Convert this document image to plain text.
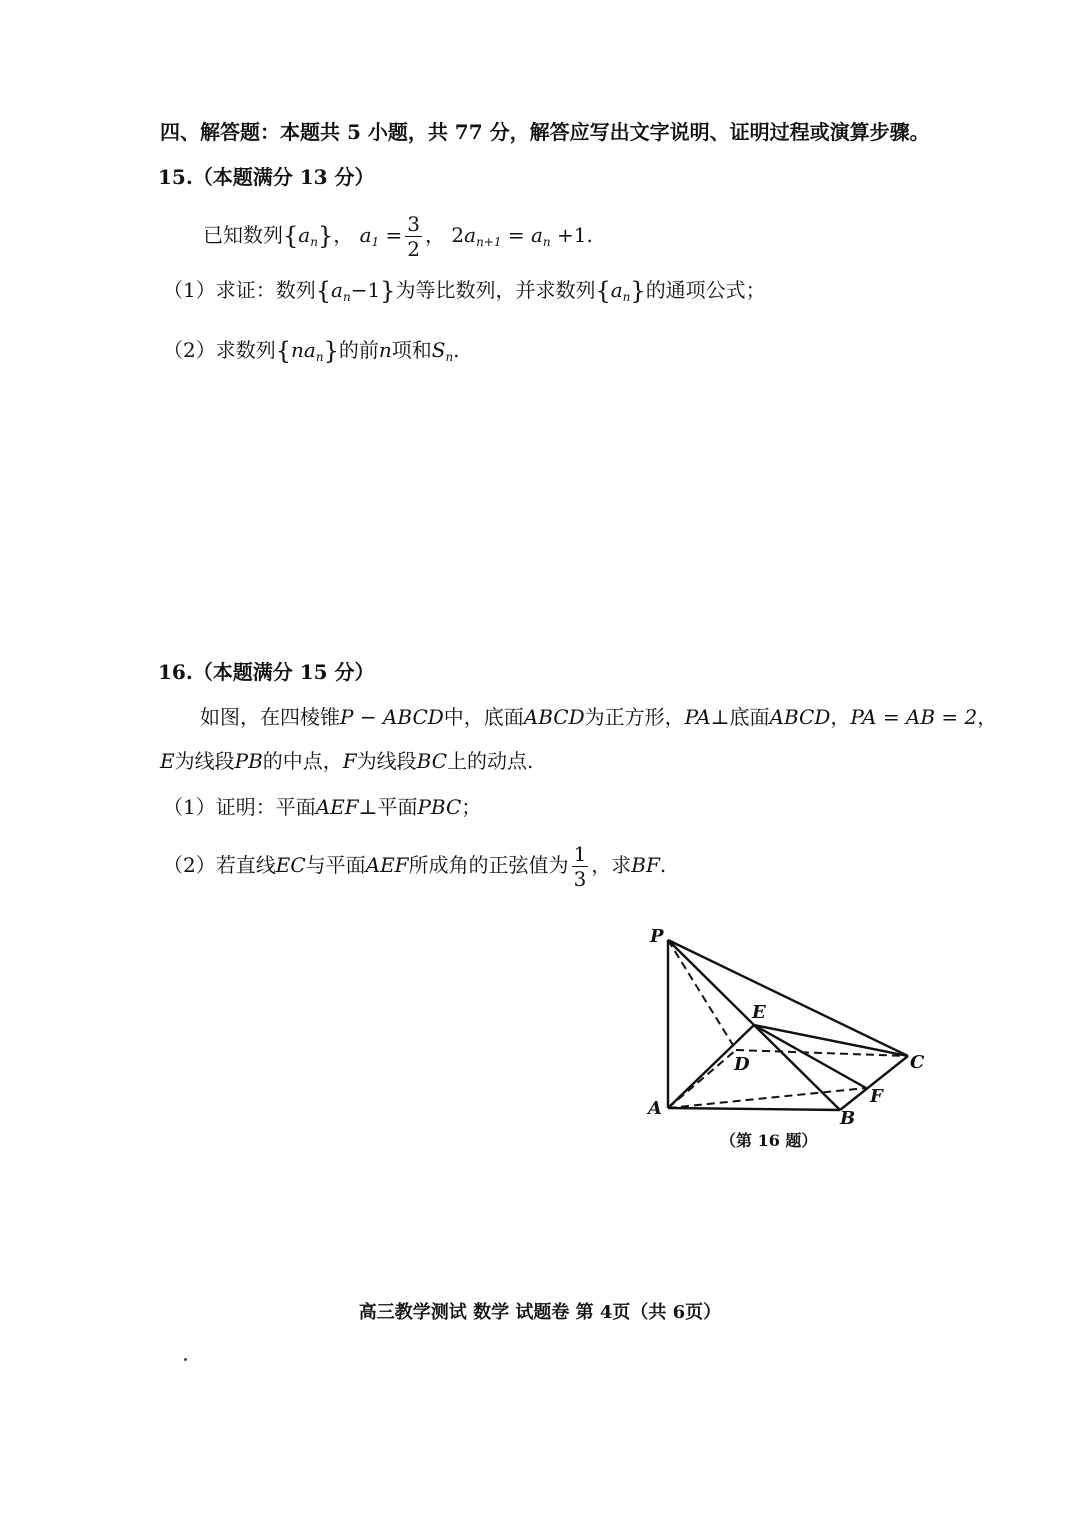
四、解答题：本题共 5 小题，共 77 分，解答应写出文字说明、证明过程或演算步骤。
15.（本题满分 13 分）
已知数列$\{a_n\}$， $a_1 = \frac{3}{2}$ ， $2a_{n+1} = a_n +1$.
（1）求证：数列$\{a_n-1\}$为等比数列，并求数列$\{a_n\}$的通项公式；
（2）求数列$\{na_n\}$的前n项和$S_n$.
16.（本题满分 15 分）
如图，在四棱锥P − ABCD中，底面ABCD为正方形，PA⊥底面ABCD，PA = AB = 2，
E为线段PB的中点，F为线段BC上的动点.
（1）证明：平面AEF⊥平面PBC；
（2）若直线EC与平面AEF所成角的正弦值为 $\frac{1}{3}$ ，求BF.
P
E
D	C
A	B
F
（第 16 题）
高三教学测试 数学 试题卷 第 4页（共 6页）
